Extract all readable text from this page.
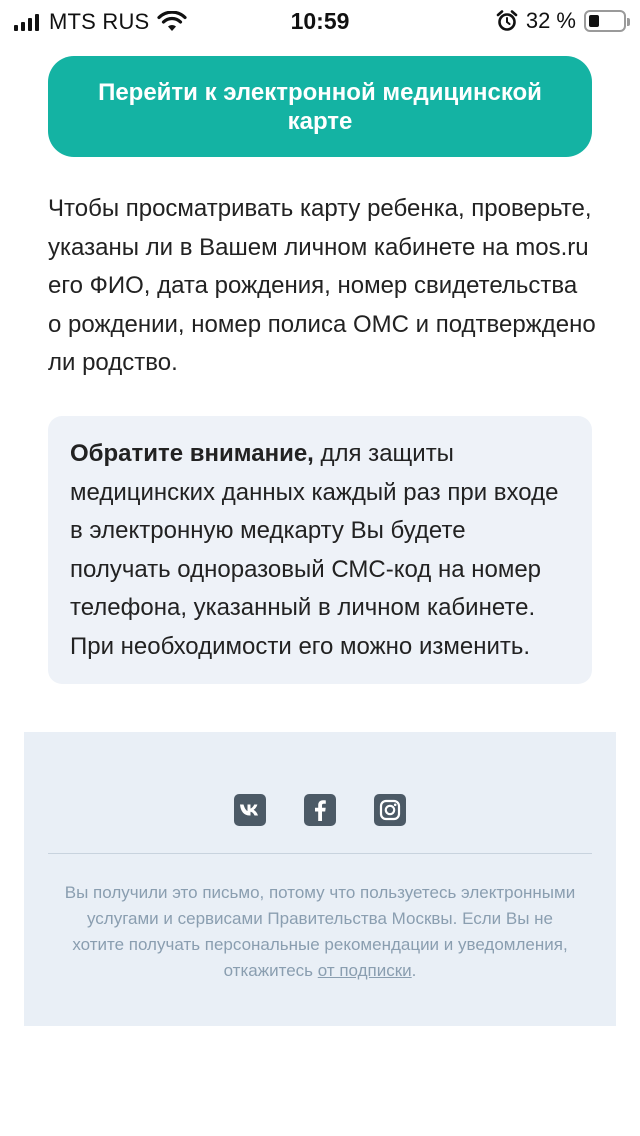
MTS RUS	10:59	32 %
Перейти к электронной медицинской карте

Чтобы просматривать карту ребенка, проверьте, указаны ли в Вашем личном кабинете на mos.ru его ФИО, дата рождения, номер свидетельства о рождении, номер полиса ОМС и подтверждено ли родство.

Обратите внимание, для защиты медицинских данных каждый раз при входе в электронную медкарту Вы будете получать одноразовый СМС-код на номер телефона, указанный в личном кабинете. При необходимости его можно изменить.

Вы получили это письмо, потому что пользуетесь электронными услугами и сервисами Правительства Москвы. Если Вы не хотите получать персональные рекомендации и уведомления, откажитесь от подписки.
